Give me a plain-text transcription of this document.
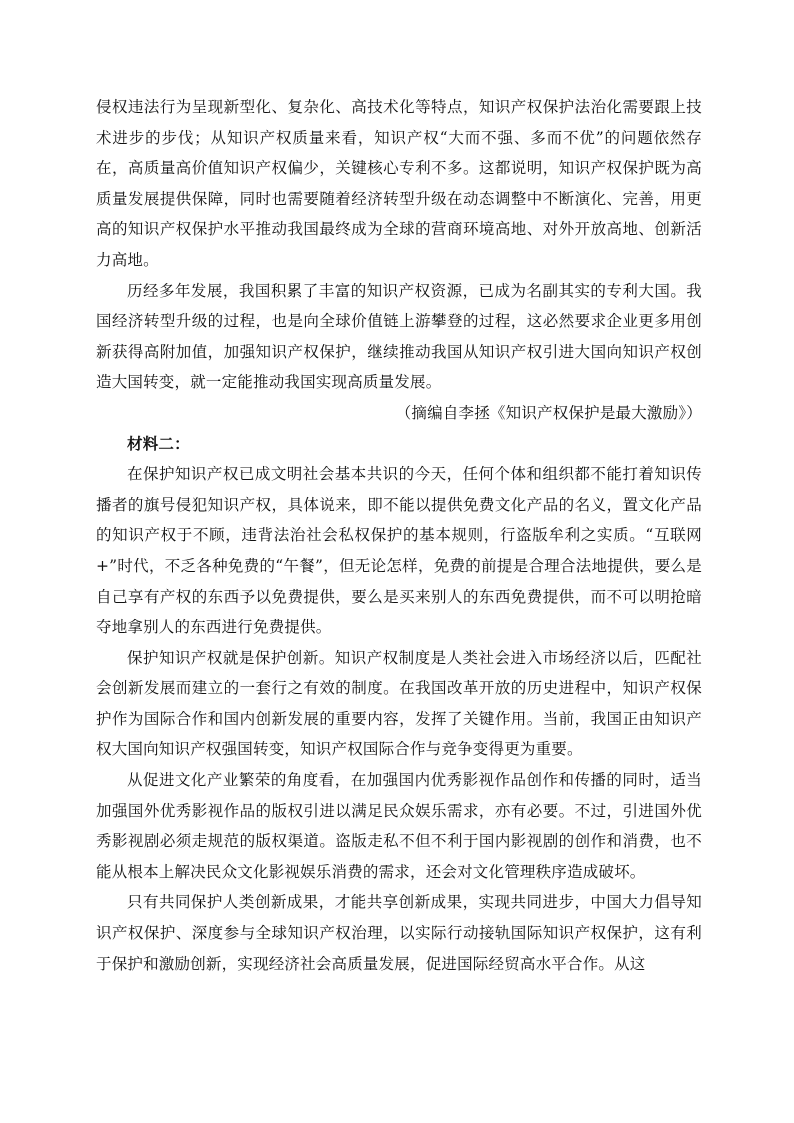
侵权违法行为呈现新型化、复杂化、高技术化等特点，知识产权保护法治化需要跟上技术进步的步伐；从知识产权质量来看，知识产权“大而不强、多而不优”的问题依然存在，高质量高价值知识产权偏少，关键核心专利不多。这都说明，知识产权保护既为高质量发展提供保障，同时也需要随着经济转型升级在动态调整中不断演化、完善，用更高的知识产权保护水平推动我国最终成为全球的营商环境高地、对外开放高地、创新活力高地。

历经多年发展，我国积累了丰富的知识产权资源，已成为名副其实的专利大国。我国经济转型升级的过程，也是向全球价值链上游攀登的过程，这必然要求企业更多用创新获得高附加值，加强知识产权保护，继续推动我国从知识产权引进大国向知识产权创造大国转变，就一定能推动我国实现高质量发展。

（摘编自李拯《知识产权保护是最大激励》）

材料二：

在保护知识产权已成文明社会基本共识的今天，任何个体和组织都不能打着知识传播者的旗号侵犯知识产权，具体说来，即不能以提供免费文化产品的名义，置文化产品的知识产权于不顾，违背法治社会私权保护的基本规则，行盗版牟利之实质。“互联网+”时代，不乏各种免费的“午餐”，但无论怎样，免费的前提是合理合法地提供，要么是自己享有产权的东西予以免费提供，要么是买来别人的东西免费提供，而不可以明抢暗夺地拿别人的东西进行免费提供。

保护知识产权就是保护创新。知识产权制度是人类社会进入市场经济以后，匹配社会创新发展而建立的一套行之有效的制度。在我国改革开放的历史进程中，知识产权保护作为国际合作和国内创新发展的重要内容，发挥了关键作用。当前，我国正由知识产权大国向知识产权强国转变，知识产权国际合作与竞争变得更为重要。

从促进文化产业繁荣的角度看，在加强国内优秀影视作品创作和传播的同时，适当加强国外优秀影视作品的版权引进以满足民众娱乐需求，亦有必要。不过，引进国外优秀影视剧必须走规范的版权渠道。盗版走私不但不利于国内影视剧的创作和消费，也不能从根本上解决民众文化影视娱乐消费的需求，还会对文化管理秩序造成破坏。

只有共同保护人类创新成果，才能共享创新成果，实现共同进步，中国大力倡导知识产权保护、深度参与全球知识产权治理，以实际行动接轨国际知识产权保护，这有利于保护和激励创新，实现经济社会高质量发展，促进国际经贸高水平合作。从这
